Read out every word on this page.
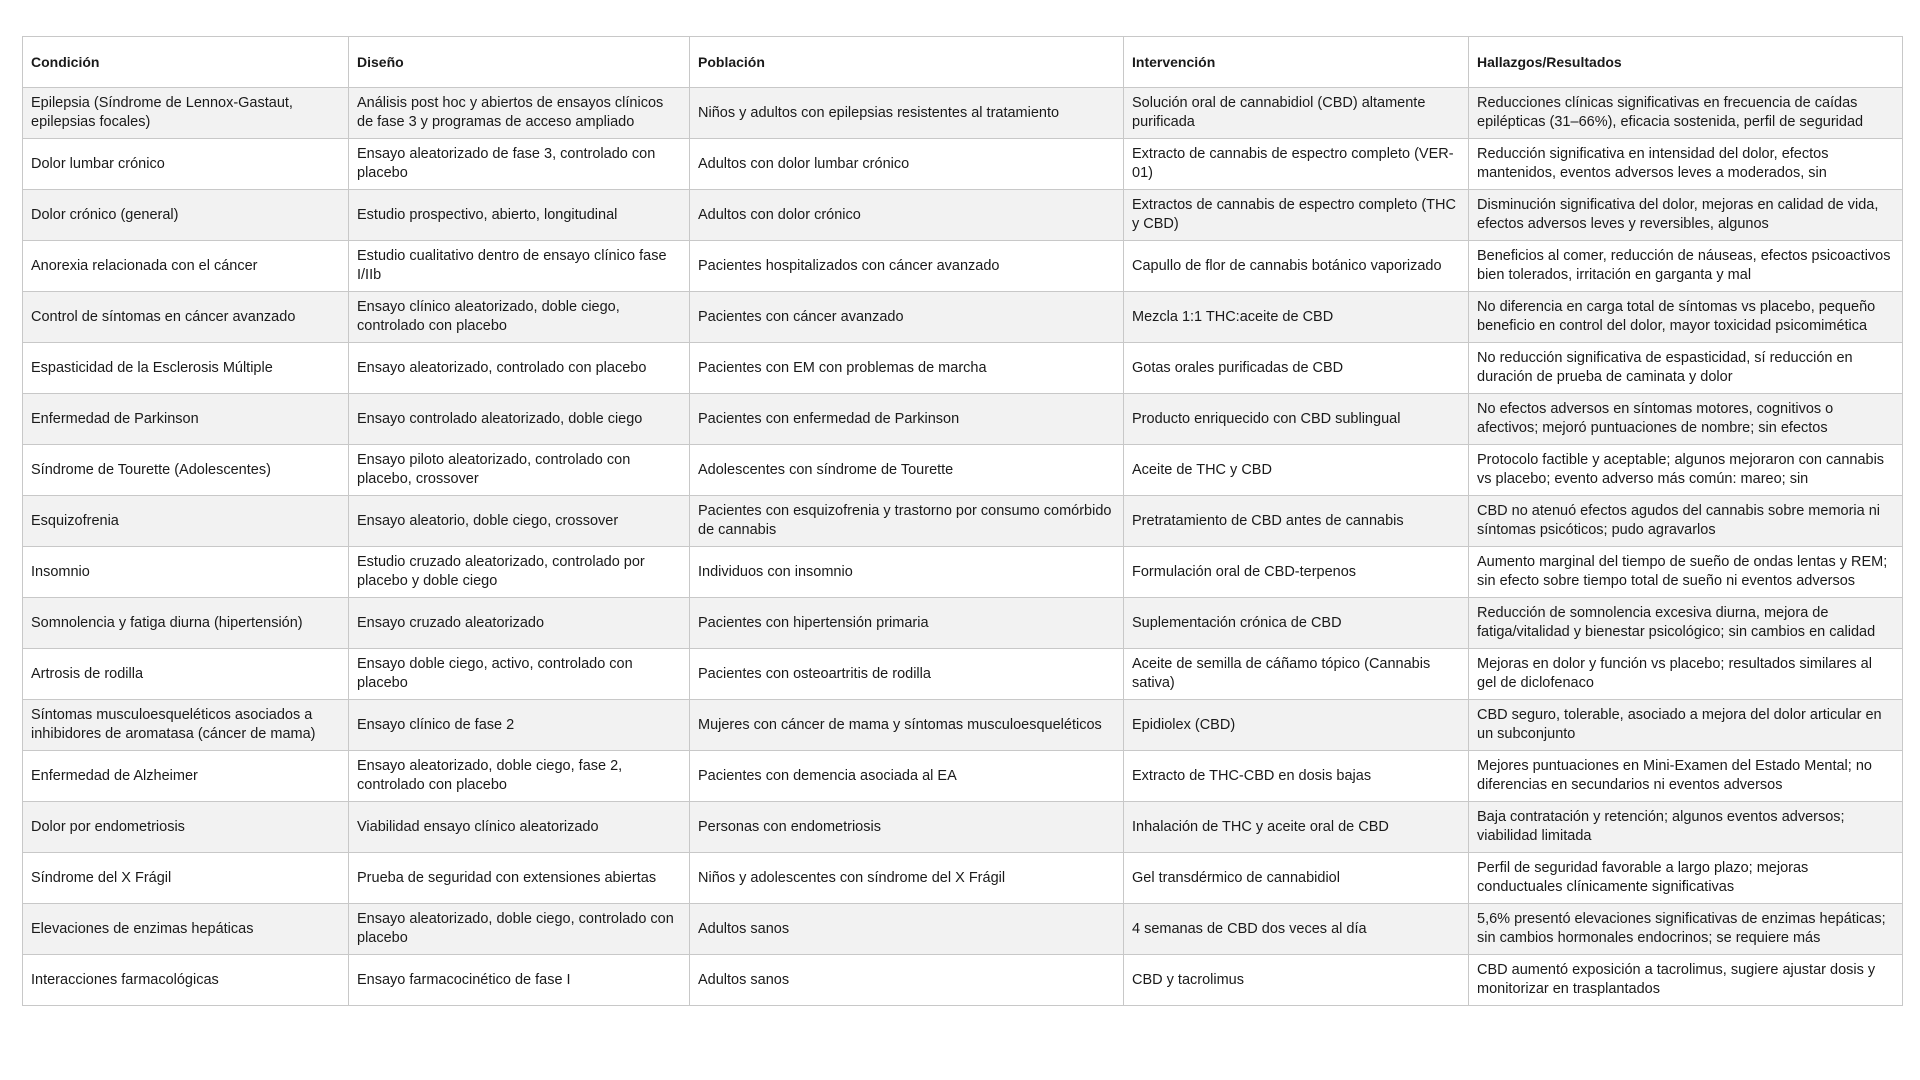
Condición	Diseño	Población	Intervención	Hallazgos/Resultados

Epilepsia (Síndrome de Lennox-Gastaut, epilepsias focales)	Análisis post hoc y abiertos de ensayos clínicos de fase 3 y programas de acceso ampliado	Niños y adultos con epilepsias resistentes al tratamiento	Solución oral de cannabidiol (CBD) altamente purificada	Reducciones clínicas significativas en frecuencia de caídas epilépticas (31–66%), eficacia sostenida, perfil de seguridad

Dolor lumbar crónico	Ensayo aleatorizado de fase 3, controlado con placebo	Adultos con dolor lumbar crónico	Extracto de cannabis de espectro completo (VER-01)	Reducción significativa en intensidad del dolor, efectos mantenidos, eventos adversos leves a moderados, sin

Dolor crónico (general)	Estudio prospectivo, abierto, longitudinal	Adultos con dolor crónico	Extractos de cannabis de espectro completo (THC y CBD)	Disminución significativa del dolor, mejoras en calidad de vida, efectos adversos leves y reversibles, algunos

Anorexia relacionada con el cáncer	Estudio cualitativo dentro de ensayo clínico fase I/IIb	Pacientes hospitalizados con cáncer avanzado	Capullo de flor de cannabis botánico vaporizado	Beneficios al comer, reducción de náuseas, efectos psicoactivos bien tolerados, irritación en garganta y mal

Control de síntomas en cáncer avanzado	Ensayo clínico aleatorizado, doble ciego, controlado con placebo	Pacientes con cáncer avanzado	Mezcla 1:1 THC:aceite de CBD	No diferencia en carga total de síntomas vs placebo, pequeño beneficio en control del dolor, mayor toxicidad psicomimética

Espasticidad de la Esclerosis Múltiple	Ensayo aleatorizado, controlado con placebo	Pacientes con EM con problemas de marcha	Gotas orales purificadas de CBD	No reducción significativa de espasticidad, sí reducción en duración de prueba de caminata y dolor

Enfermedad de Parkinson	Ensayo controlado aleatorizado, doble ciego	Pacientes con enfermedad de Parkinson	Producto enriquecido con CBD sublingual	No efectos adversos en síntomas motores, cognitivos o afectivos; mejoró puntuaciones de nombre; sin efectos

Síndrome de Tourette (Adolescentes)	Ensayo piloto aleatorizado, controlado con placebo, crossover	Adolescentes con síndrome de Tourette	Aceite de THC y CBD	Protocolo factible y aceptable; algunos mejoraron con cannabis vs placebo; evento adverso más común: mareo; sin

Esquizofrenia	Ensayo aleatorio, doble ciego, crossover	Pacientes con esquizofrenia y trastorno por consumo comórbido de cannabis	Pretratamiento de CBD antes de cannabis	CBD no atenuó efectos agudos del cannabis sobre memoria ni síntomas psicóticos; pudo agravarlos

Insomnio	Estudio cruzado aleatorizado, controlado por placebo y doble ciego	Individuos con insomnio	Formulación oral de CBD-terpenos	Aumento marginal del tiempo de sueño de ondas lentas y REM; sin efecto sobre tiempo total de sueño ni eventos adversos

Somnolencia y fatiga diurna (hipertensión)	Ensayo cruzado aleatorizado	Pacientes con hipertensión primaria	Suplementación crónica de CBD	Reducción de somnolencia excesiva diurna, mejora de fatiga/vitalidad y bienestar psicológico; sin cambios en calidad

Artrosis de rodilla	Ensayo doble ciego, activo, controlado con placebo	Pacientes con osteoartritis de rodilla	Aceite de semilla de cáñamo tópico (Cannabis sativa)	Mejoras en dolor y función vs placebo; resultados similares al gel de diclofenaco

Síntomas musculoesqueléticos asociados a inhibidores de aromatasa (cáncer de mama)	Ensayo clínico de fase 2	Mujeres con cáncer de mama y síntomas musculoesqueléticos	Epidiolex (CBD)	CBD seguro, tolerable, asociado a mejora del dolor articular en un subconjunto

Enfermedad de Alzheimer	Ensayo aleatorizado, doble ciego, fase 2, controlado con placebo	Pacientes con demencia asociada al EA	Extracto de THC-CBD en dosis bajas	Mejores puntuaciones en Mini-Examen del Estado Mental; no diferencias en secundarios ni eventos adversos

Dolor por endometriosis	Viabilidad ensayo clínico aleatorizado	Personas con endometriosis	Inhalación de THC y aceite oral de CBD	Baja contratación y retención; algunos eventos adversos; viabilidad limitada

Síndrome del X Frágil	Prueba de seguridad con extensiones abiertas	Niños y adolescentes con síndrome del X Frágil	Gel transdérmico de cannabidiol	Perfil de seguridad favorable a largo plazo; mejoras conductuales clínicamente significativas

Elevaciones de enzimas hepáticas	Ensayo aleatorizado, doble ciego, controlado con placebo	Adultos sanos	4 semanas de CBD dos veces al día	5,6% presentó elevaciones significativas de enzimas hepáticas; sin cambios hormonales endocrinos; se requiere más

Interacciones farmacológicas	Ensayo farmacocinético de fase I	Adultos sanos	CBD y tacrolimus	CBD aumentó exposición a tacrolimus, sugiere ajustar dosis y monitorizar en trasplantados
